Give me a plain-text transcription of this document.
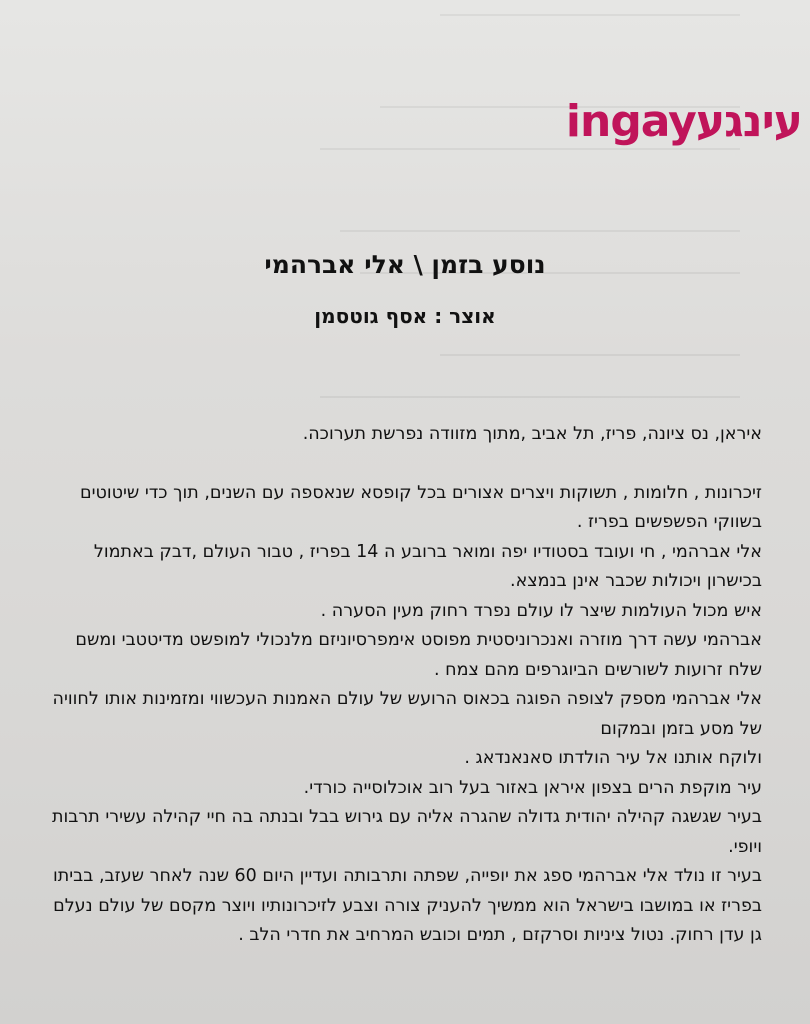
ingayעינגע
נוסע בזמן \ אלי אברהמי
אוצר : אסף גוטסמן

איראן, נס ציונה, פריז, תל אביב ,מתוך מזוודה נפרשת תערוכה.

זיכרונות , חלומות , תשוקות ויצרים אצורים בכל קופסא שנאספה עם השנים, תוך כדי שיטוטים בשווקי הפשפשים בפריז .

אלי אברהמי , חי ועובד בסטודיו יפה ומואר ברובע ה 14 בפריז , טבור העולם ,דבק באתמול בכישרון ויכולות שכבר אינן בנמצא.

איש מכול העולמות שיצר לו עולם נפרד רחוק מעין הסערה .

אברהמי עשה דרך מוזרה ואנכרוניסטית מפוסט אימפרסיוניזם מלנכולי למופשט מדיטטבי ומשם שלח זרועות לשורשים הביוגרפים מהם צמח .

אלי אברהמי מספק לצופה הפוגה בכאוס הרועש של עולם האמנות העכשווי ומזמינות אותו לחוויה של מסע בזמן ובמקום

ולוקח אותנו אל עיר הולדתו סאנאנדאג .

עיר מוקפת הרים בצפון איראן באזור בעל רוב אוכלוסייה כורדי.

בעיר שגשגה קהילה יהודית גדולה שהגרה אליה עם גירוש בבל ובנתה בה חיי קהילה עשירי תרבות ויופי.

בעיר זו נולד אלי אברהמי ספג את יופייה, שפתה ותרבותה ועדיין היום 60 שנה לאחר שעזב, בביתו בפריז או במושבו בישראל הוא ממשיך להעניק צורה וצבע לזיכרונותיו ויוצר מקסם של עולם נעלם גן עדן רחוק. נטול ציניות וסרקזם , תמים וכובש המרחיב את חדרי הלב .
